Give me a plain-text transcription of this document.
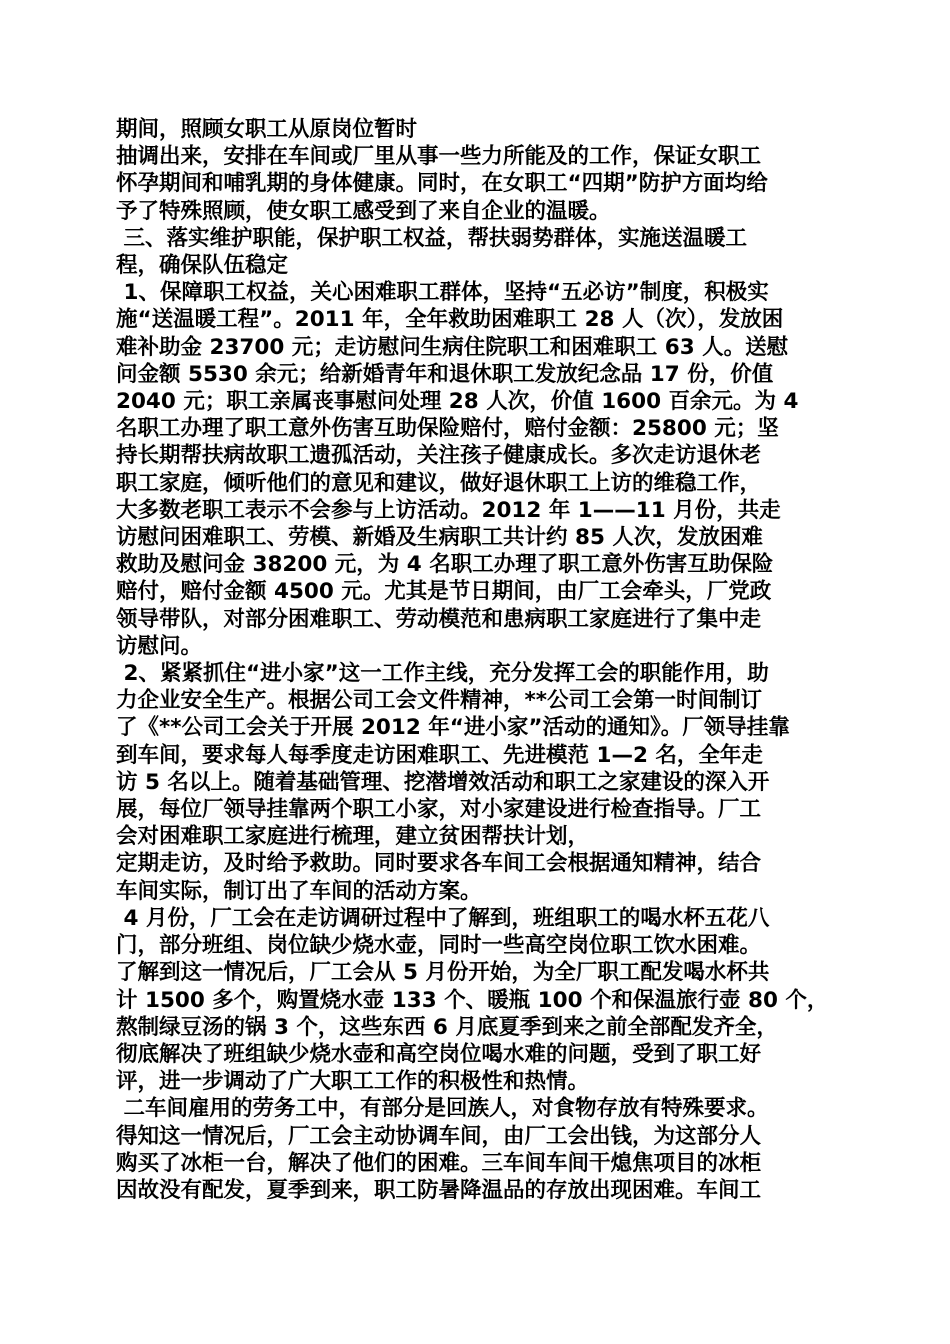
期间，照顾女职工从原岗位暂时
抽调出来，安排在车间或厂里从事一些力所能及的工作，保证女职工
怀孕期间和哺乳期的身体健康。同时，在女职工“四期”防护方面均给
予了特殊照顾，使女职工感受到了来自企业的温暖。
三、落实维护职能，保护职工权益，帮扶弱势群体，实施送温暖工
程，确保队伍稳定
1、保障职工权益，关心困难职工群体，坚持“五必访”制度，积极实
施“送温暖工程”。2011 年，全年救助困难职工 28 人（次），发放困
难补助金 23700 元；走访慰问生病住院职工和困难职工 63 人。送慰
问金额 5530 余元；给新婚青年和退休职工发放纪念品 17 份，价值
2040 元；职工亲属丧事慰问处理 28 人次，价值 1600 百余元。为 4
名职工办理了职工意外伤害互助保险赔付，赔付金额：25800 元；坚
持长期帮扶病故职工遗孤活动，关注孩子健康成长。多次走访退休老
职工家庭，倾听他们的意见和建议，做好退休职工上访的维稳工作，
大多数老职工表示不会参与上访活动。2012 年 1——11 月份，共走
访慰问困难职工、劳模、新婚及生病职工共计约 85 人次，发放困难
救助及慰问金 38200 元，为 4 名职工办理了职工意外伤害互助保险
赔付，赔付金额 4500 元。尤其是节日期间，由厂工会牵头，厂党政
领导带队，对部分困难职工、劳动模范和患病职工家庭进行了集中走
访慰问。
2、紧紧抓住“进小家”这一工作主线，充分发挥工会的职能作用，助
力企业安全生产。根据公司工会文件精神，**公司工会第一时间制订
了《**公司工会关于开展 2012 年“进小家”活动的通知》。厂领导挂靠
到车间，要求每人每季度走访困难职工、先进模范 1—2 名，全年走
访 5 名以上。随着基础管理、挖潜增效活动和职工之家建设的深入开
展，每位厂领导挂靠两个职工小家，对小家建设进行检查指导。厂工
会对困难职工家庭进行梳理，建立贫困帮扶计划，
定期走访，及时给予救助。同时要求各车间工会根据通知精神，结合
车间实际，制订出了车间的活动方案。
4 月份，厂工会在走访调研过程中了解到，班组职工的喝水杯五花八
门，部分班组、岗位缺少烧水壶，同时一些高空岗位职工饮水困难。
了解到这一情况后，厂工会从 5 月份开始，为全厂职工配发喝水杯共
计 1500 多个，购置烧水壶 133 个、暖瓶 100 个和保温旅行壶 80 个，
熬制绿豆汤的锅 3 个，这些东西 6 月底夏季到来之前全部配发齐全，
彻底解决了班组缺少烧水壶和高空岗位喝水难的问题，受到了职工好
评，进一步调动了广大职工工作的积极性和热情。
二车间雇用的劳务工中，有部分是回族人，对食物存放有特殊要求。
得知这一情况后，厂工会主动协调车间，由厂工会出钱，为这部分人
购买了冰柜一台，解决了他们的困难。三车间车间干熄焦项目的冰柜
因故没有配发，夏季到来，职工防暑降温品的存放出现困难。车间工
